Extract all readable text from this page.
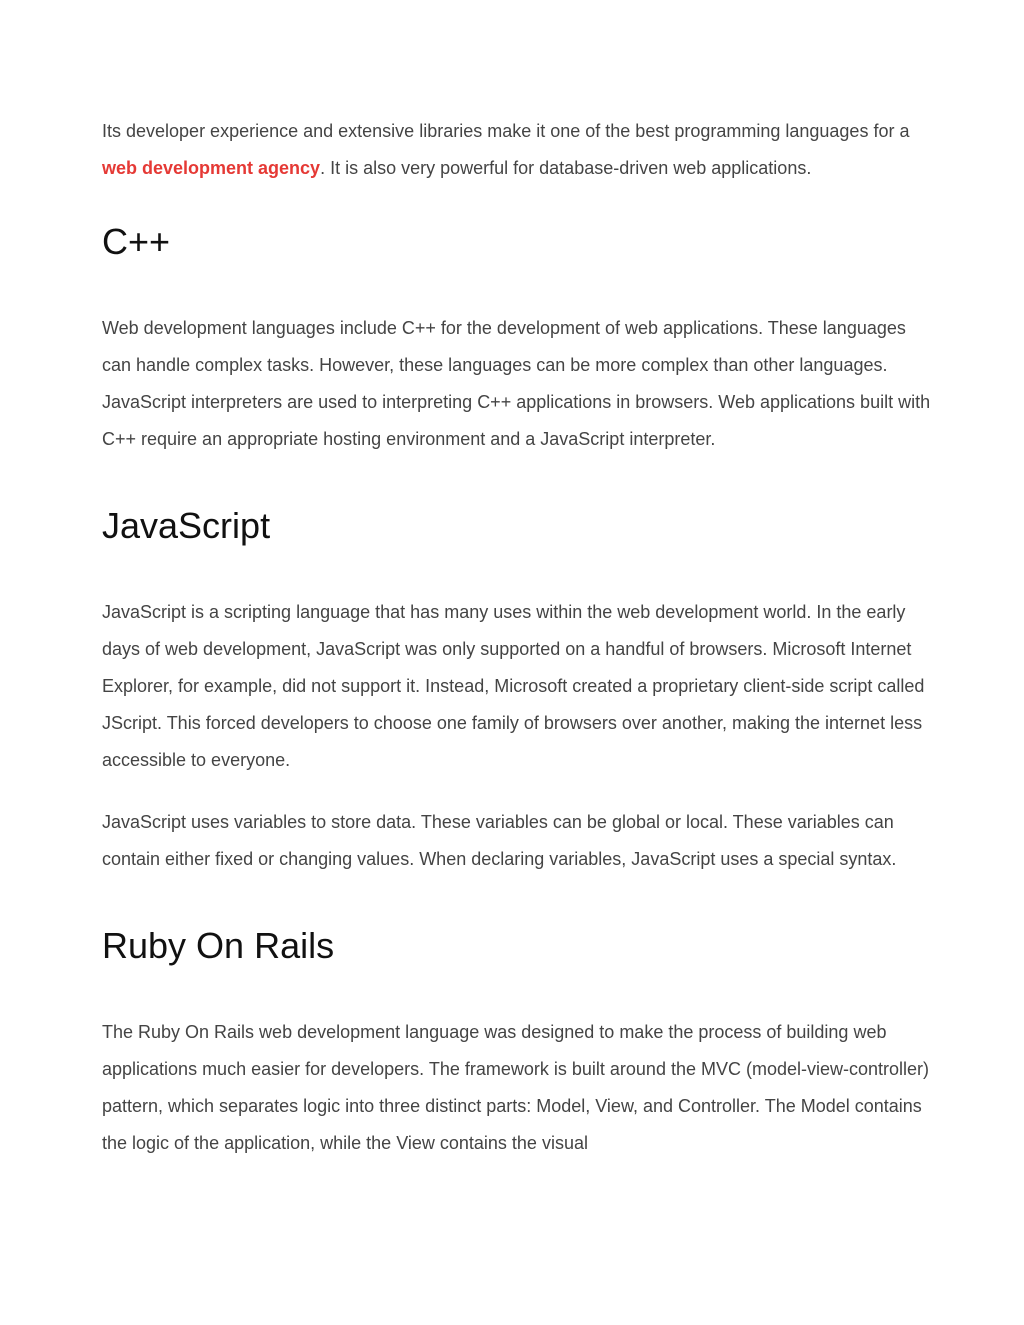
Its developer experience and extensive libraries make it one of the best programming languages for a web development agency. It is also very powerful for database-driven web applications.

C++

Web development languages include C++ for the development of web applications. These languages can handle complex tasks. However, these languages can be more complex than other languages. JavaScript interpreters are used to interpreting C++ applications in browsers. Web applications built with C++ require an appropriate hosting environment and a JavaScript interpreter.

JavaScript

JavaScript is a scripting language that has many uses within the web development world. In the early days of web development, JavaScript was only supported on a handful of browsers. Microsoft Internet Explorer, for example, did not support it. Instead, Microsoft created a proprietary client-side script called JScript. This forced developers to choose one family of browsers over another, making the internet less accessible to everyone.

JavaScript uses variables to store data. These variables can be global or local. These variables can contain either fixed or changing values. When declaring variables, JavaScript uses a special syntax.

Ruby On Rails

The Ruby On Rails web development language was designed to make the process of building web applications much easier for developers. The framework is built around the MVC (model-view-controller) pattern, which separates logic into three distinct parts: Model, View, and Controller. The Model contains the logic of the application, while the View contains the visual
